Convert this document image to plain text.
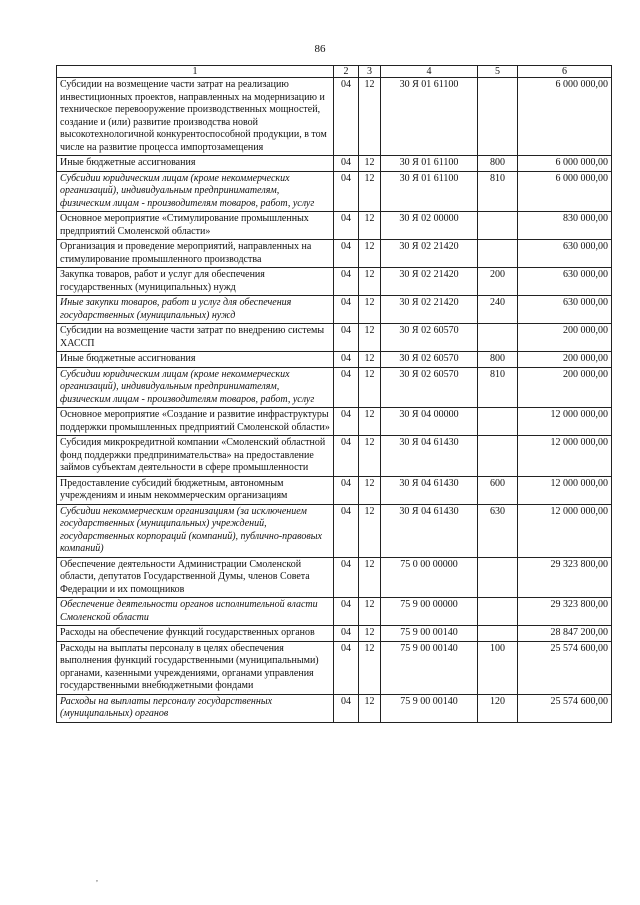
86
1	2	3	4	5	6
Субсидии на возмещение части затрат на реализацию инвестиционных проектов, направленных на модернизацию и техническое перевооружение производственных мощностей, создание и (или) развитие производства новой высокотехнологичной конкурентоспособной продукции, в том числе на развитие процесса импортозамещения	04	12	30 Я 01 61100		6 000 000,00
Иные бюджетные ассигнования	04	12	30 Я 01 61100	800	6 000 000,00
Субсидии юридическим лицам (кроме некоммерческих организаций), индивидуальным предпринимателям, физическим лицам - производителям товаров, работ, услуг	04	12	30 Я 01 61100	810	6 000 000,00
Основное мероприятие «Стимулирование промышленных предприятий Смоленской области»	04	12	30 Я 02 00000		830 000,00
Организация и проведение мероприятий, направленных на стимулирование промышленного производства	04	12	30 Я 02 21420		630 000,00
Закупка товаров, работ и услуг для обеспечения государственных (муниципальных) нужд	04	12	30 Я 02 21420	200	630 000,00
Иные закупки товаров, работ и услуг для обеспечения государственных (муниципальных) нужд	04	12	30 Я 02 21420	240	630 000,00
Субсидии на возмещение части затрат по внедрению системы ХАССП	04	12	30 Я 02 60570		200 000,00
Иные бюджетные ассигнования	04	12	30 Я 02 60570	800	200 000,00
Субсидии юридическим лицам (кроме некоммерческих организаций), индивидуальным предпринимателям, физическим лицам - производителям товаров, работ, услуг	04	12	30 Я 02 60570	810	200 000,00
Основное мероприятие «Создание и развитие инфраструктуры поддержки промышленных предприятий Смоленской области»	04	12	30 Я 04 00000		12 000 000,00
Субсидия микрокредитной компании «Смоленский областной фонд поддержки предпринимательства» на предоставление займов субъектам деятельности в сфере промышленности	04	12	30 Я 04 61430		12 000 000,00
Предоставление субсидий бюджетным, автономным учреждениям и иным некоммерческим организациям	04	12	30 Я 04 61430	600	12 000 000,00
Субсидии некоммерческим организациям (за исключением государственных (муниципальных) учреждений, государственных корпораций (компаний), публично-правовых компаний)	04	12	30 Я 04 61430	630	12 000 000,00
Обеспечение деятельности Администрации Смоленской области, депутатов Государственной Думы, членов Совета Федерации и их помощников	04	12	75 0 00 00000		29 323 800,00
Обеспечение деятельности органов исполнительной власти Смоленской области	04	12	75 9 00 00000		29 323 800,00
Расходы на обеспечение функций государственных органов	04	12	75 9 00 00140		28 847 200,00
Расходы на выплаты персоналу в целях обеспечения выполнения функций государственными (муниципальными) органами, казенными учреждениями, органами управления государственными внебюджетными фондами	04	12	75 9 00 00140	100	25 574 600,00
Расходы на выплаты персоналу государственных (муниципальных) органов	04	12	75 9 00 00140	120	25 574 600,00
,
